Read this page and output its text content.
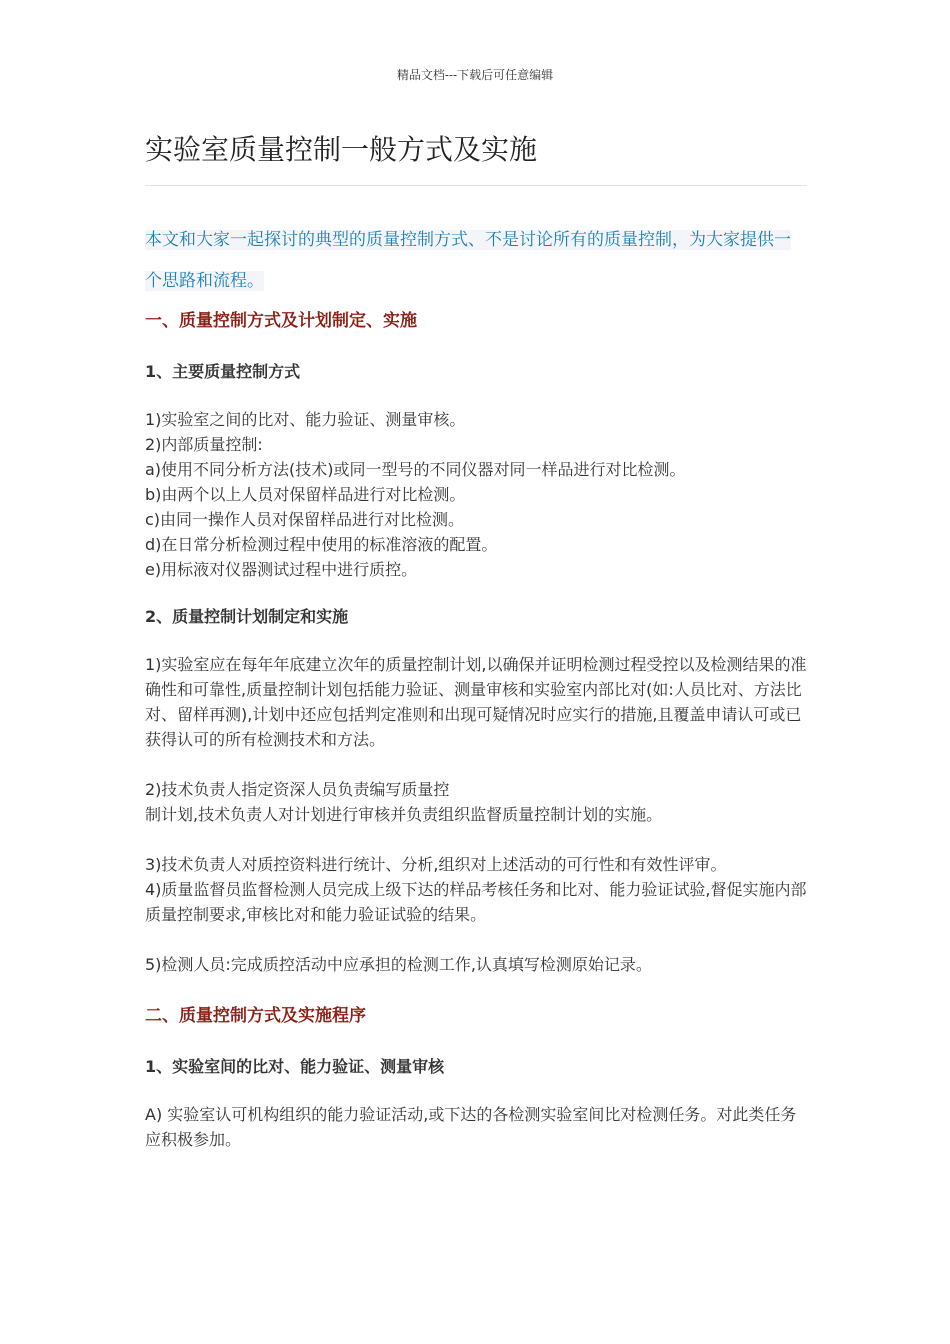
精品文档---下载后可任意编辑
实验室质量控制一般方式及实施
本文和大家一起探讨的典型的质量控制方式、不是讨论所有的质量控制，为大家提供一个思路和流程。
一、质量控制方式及计划制定、实施
1、主要质量控制方式
1)实验室之间的比对、能力验证、测量审核。
2)内部质量控制:
a)使用不同分析方法(技术)或同一型号的不同仪器对同一样品进行对比检测。
b)由两个以上人员对保留样品进行对比检测。
c)由同一操作人员对保留样品进行对比检测。
d)在日常分析检测过程中使用的标准溶液的配置。
e)用标液对仪器测试过程中进行质控。
2、质量控制计划制定和实施
1)实验室应在每年年底建立次年的质量控制计划,以确保并证明检测过程受控以及检测结果的准确性和可靠性,质量控制计划包括能力验证、测量审核和实验室内部比对(如:人员比对、方法比对、留样再测),计划中还应包括判定准则和出现可疑情况时应实行的措施,且覆盖申请认可或已获得认可的所有检测技术和方法。
2)技术负责人指定资深人员负责编写质量控
制计划,技术负责人对计划进行审核并负责组织监督质量控制计划的实施。
3)技术负责人对质控资料进行统计、分析,组织对上述活动的可行性和有效性评审。
4)质量监督员监督检测人员完成上级下达的样品考核任务和比对、能力验证试验,督促实施内部质量控制要求,审核比对和能力验证试验的结果。
5)检测人员:完成质控活动中应承担的检测工作,认真填写检测原始记录。
二、质量控制方式及实施程序
1、实验室间的比对、能力验证、测量审核
A) 实验室认可机构组织的能力验证活动,或下达的各检测实验室间比对检测任务。对此类任务应积极参加。
